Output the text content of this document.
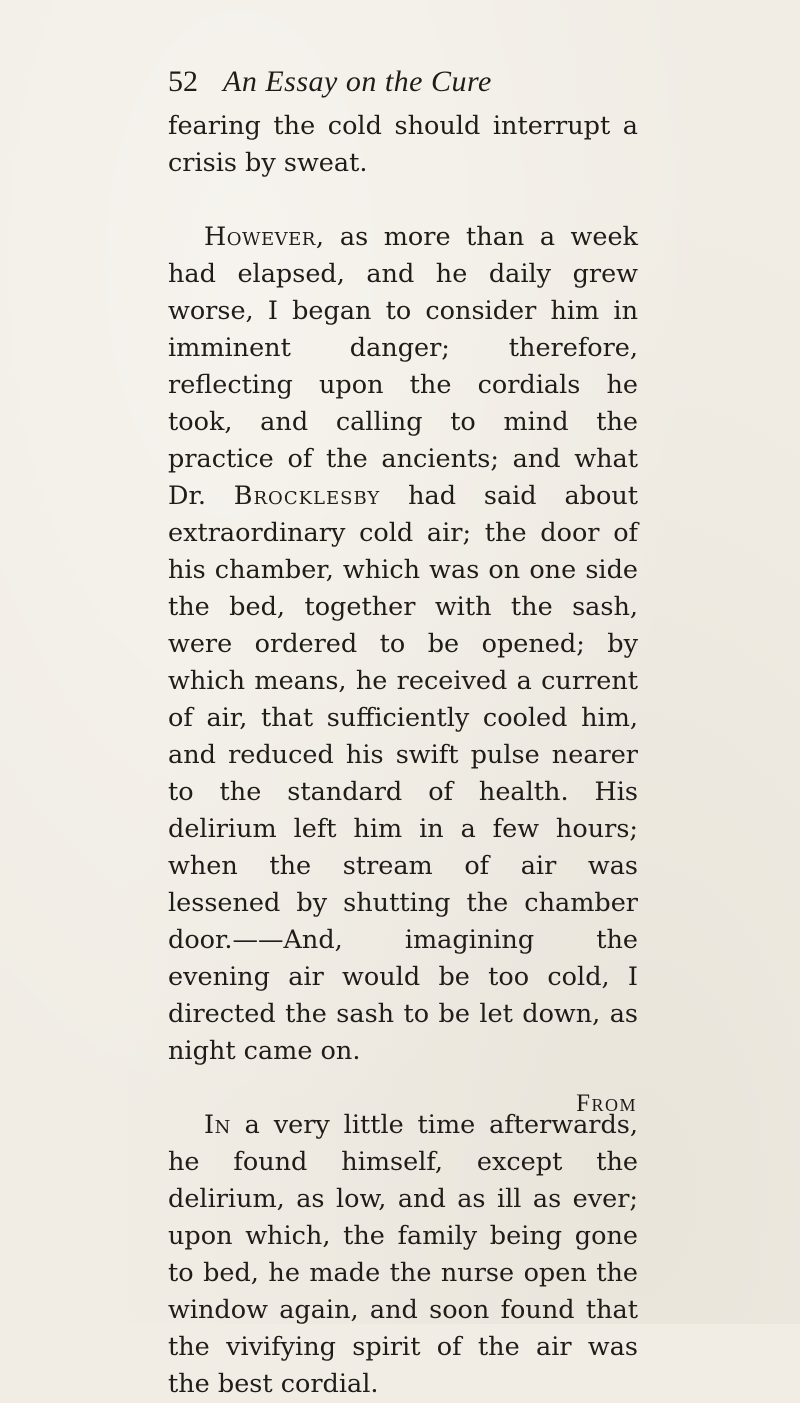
52 An Essay on the Cure

fearing the cold should interrupt a crisis by sweat.

However, as more than a week had elapsed, and he daily grew worse, I began to consider him in imminent danger; therefore, reflecting upon the cordials he took, and calling to mind the practice of the ancients; and what Dr. Brocklesby had said about extraordinary cold air; the door of his chamber, which was on one side the bed, together with the sash, were ordered to be opened; by which means, he received a current of air, that sufficiently cooled him, and reduced his swift pulse nearer to the standard of health. His delirium left him in a few hours; when the stream of air was lessened by shutting the chamber door.——And, imagining the evening air would be too cold, I directed the sash to be let down, as night came on.

In a very little time afterwards, he found himself, except the delirium, as low, and as ill as ever; upon which, the family being gone to bed, he made the nurse open the window again, and soon found that the vivifying spirit of the air was the best cordial.

From
